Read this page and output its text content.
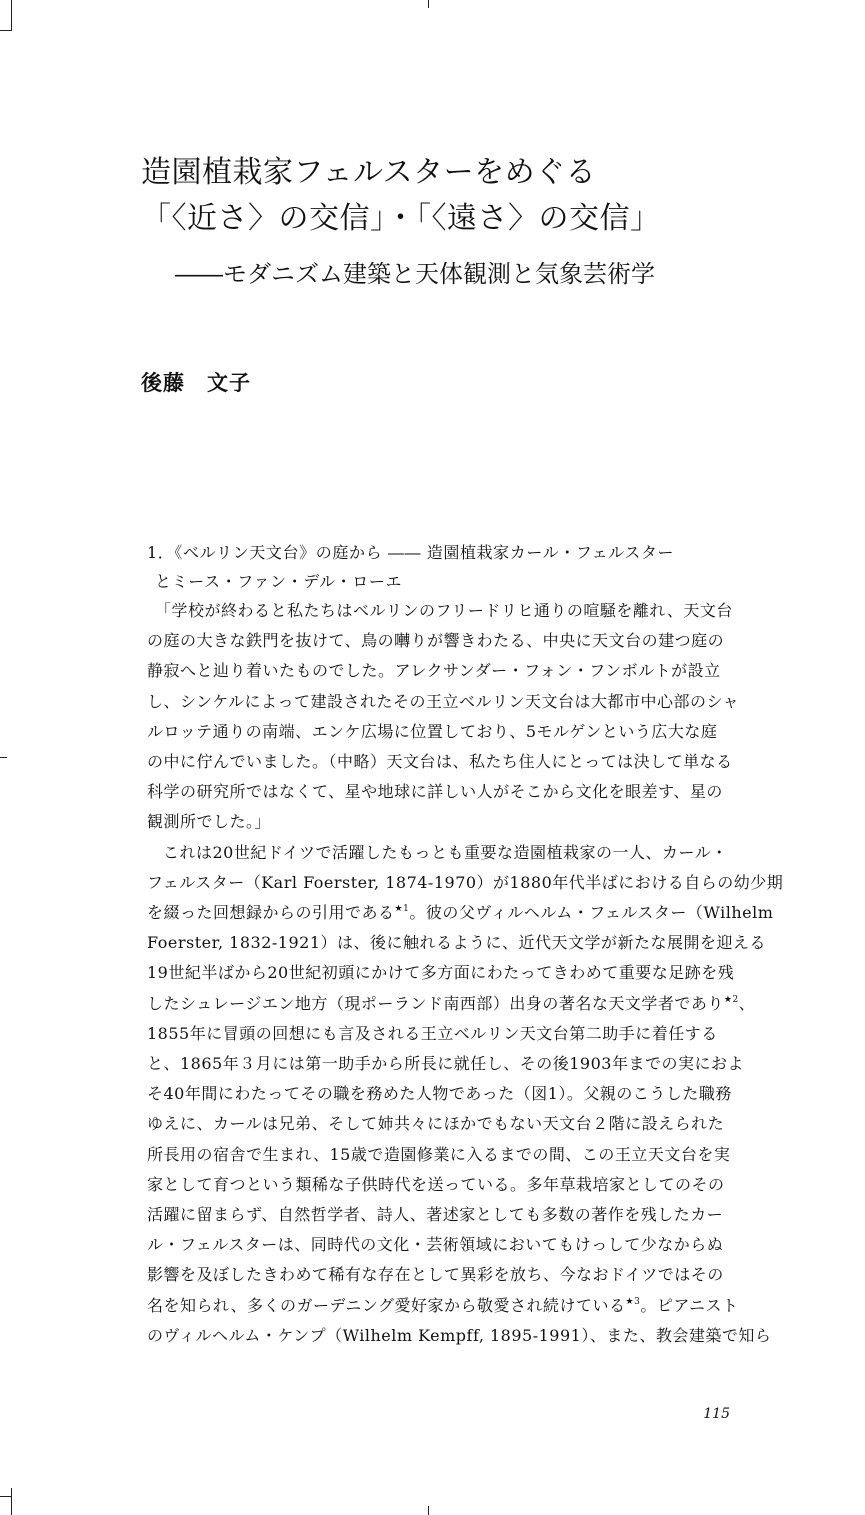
造園植栽家フェルスターをめぐる
「〈近さ〉の交信」・「〈遠さ〉の交信」
――モダニズム建築と天体観測と気象芸術学
後藤　文子
1．《ベルリン天文台》の庭から ―― 造園植栽家カール・フェルスター
とミース・ファン・デル・ローエ

「学校が終わると私たちはベルリンのフリードリヒ通りの喧騒を離れ、天文台
の庭の大きな鉄門を抜けて、鳥の囀りが響きわたる、中央に天文台の建つ庭の
静寂へと辿り着いたものでした。アレクサンダー・フォン・フンボルトが設立
し、シンケルによって建設されたその王立ベルリン天文台は大都市中心部のシャ
ルロッテ通りの南端、エンケ広場に位置しており、5モルゲンという広大な庭
の中に佇んでいました。（中略）天文台は、私たち住人にとっては決して単なる
科学の研究所ではなくて、星や地球に詳しい人がそこから文化を眼差す、星の
観測所でした。」

これは20世紀ドイツで活躍したもっとも重要な造園植栽家の一人、カール・
フェルスター（Karl Foerster, 1874-1970）が1880年代半ばにおける自らの幼少期
を綴った回想録からの引用である$^{★1}$。彼の父ヴィルヘルム・フェルスター（Wilhelm
Foerster, 1832-1921）は、後に触れるように、近代天文学が新たな展開を迎える
19世紀半ばから20世紀初頭にかけて多方面にわたってきわめて重要な足跡を残
したシュレージエン地方（現ポーランド南西部）出身の著名な天文学者であり$^{★2}$、
1855年に冒頭の回想にも言及される王立ベルリン天文台第二助手に着任する
と、1865年３月には第一助手から所長に就任し、その後1903年までの実におよ
そ40年間にわたってその職を務めた人物であった（図1）。父親のこうした職務
ゆえに、カールは兄弟、そして姉共々にほかでもない天文台２階に設えられた
所長用の宿舎で生まれ、15歳で造園修業に入るまでの間、この王立天文台を実
家として育つという類稀な子供時代を送っている。多年草栽培家としてのその
活躍に留まらず、自然哲学者、詩人、著述家としても多数の著作を残したカー
ル・フェルスターは、同時代の文化・芸術領域においてもけっして少なからぬ
影響を及ぼしたきわめて稀有な存在として異彩を放ち、今なおドイツではその
名を知られ、多くのガーデニング愛好家から敬愛され続けている$^{★3}$。ピアニスト
のヴィルヘルム・ケンプ（Wilhelm Kempff, 1895-1991）、また、教会建築で知ら

115
